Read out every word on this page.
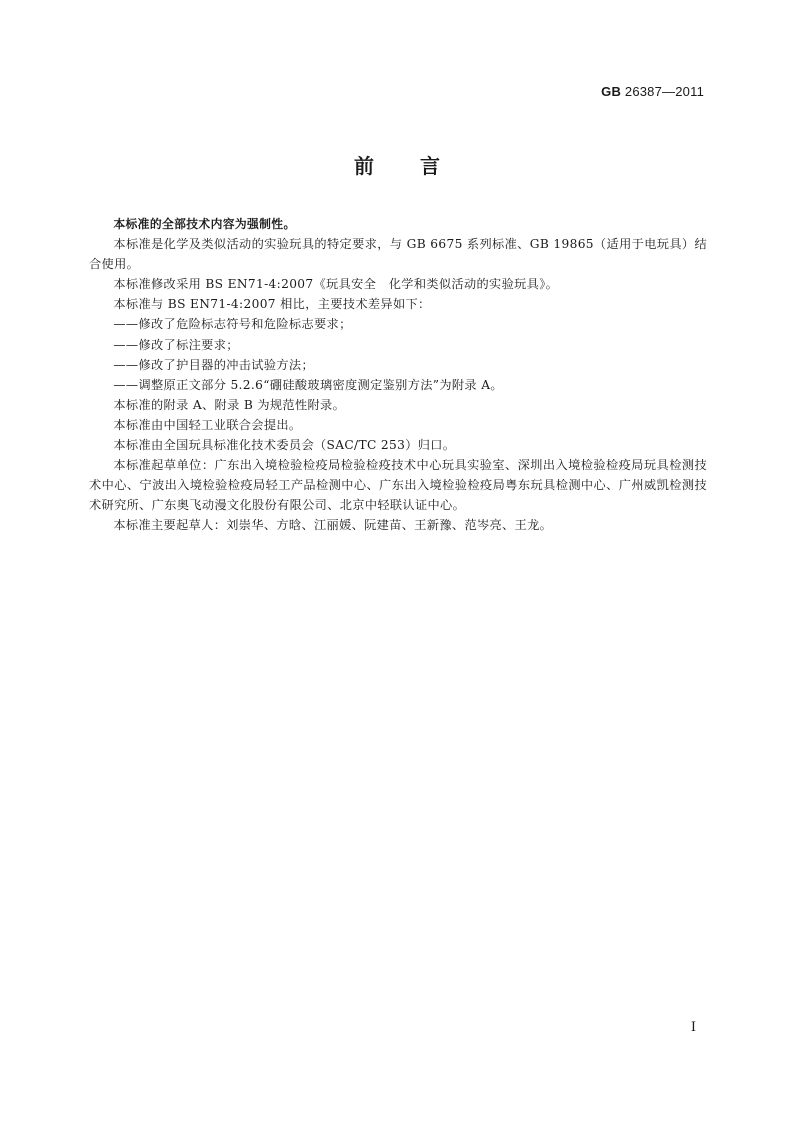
GB 26387—2011
前言

本标准的全部技术内容为强制性。

本标准是化学及类似活动的实验玩具的特定要求，与 GB 6675 系列标准、GB 19865（适用于电玩具）结合使用。

本标准修改采用 BS EN71-4:2007《玩具安全　化学和类似活动的实验玩具》。

本标准与 BS EN71-4:2007 相比，主要技术差异如下：

——修改了危险标志符号和危险标志要求；

——修改了标注要求；

——修改了护目器的冲击试验方法；

——调整原正文部分 5.2.6“硼硅酸玻璃密度测定鉴别方法”为附录 A。

本标准的附录 A、附录 B 为规范性附录。

本标准由中国轻工业联合会提出。

本标准由全国玩具标准化技术委员会（SAC/TC 253）归口。

本标准起草单位：广东出入境检验检疫局检验检疫技术中心玩具实验室、深圳出入境检验检疫局玩具检测技术中心、宁波出入境检验检疫局轻工产品检测中心、广东出入境检验检疫局粤东玩具检测中心、广州威凯检测技术研究所、广东奥飞动漫文化股份有限公司、北京中轻联认证中心。

本标准主要起草人：刘崇华、方晗、江丽媛、阮建苗、王新豫、范岑亮、王龙。

I
